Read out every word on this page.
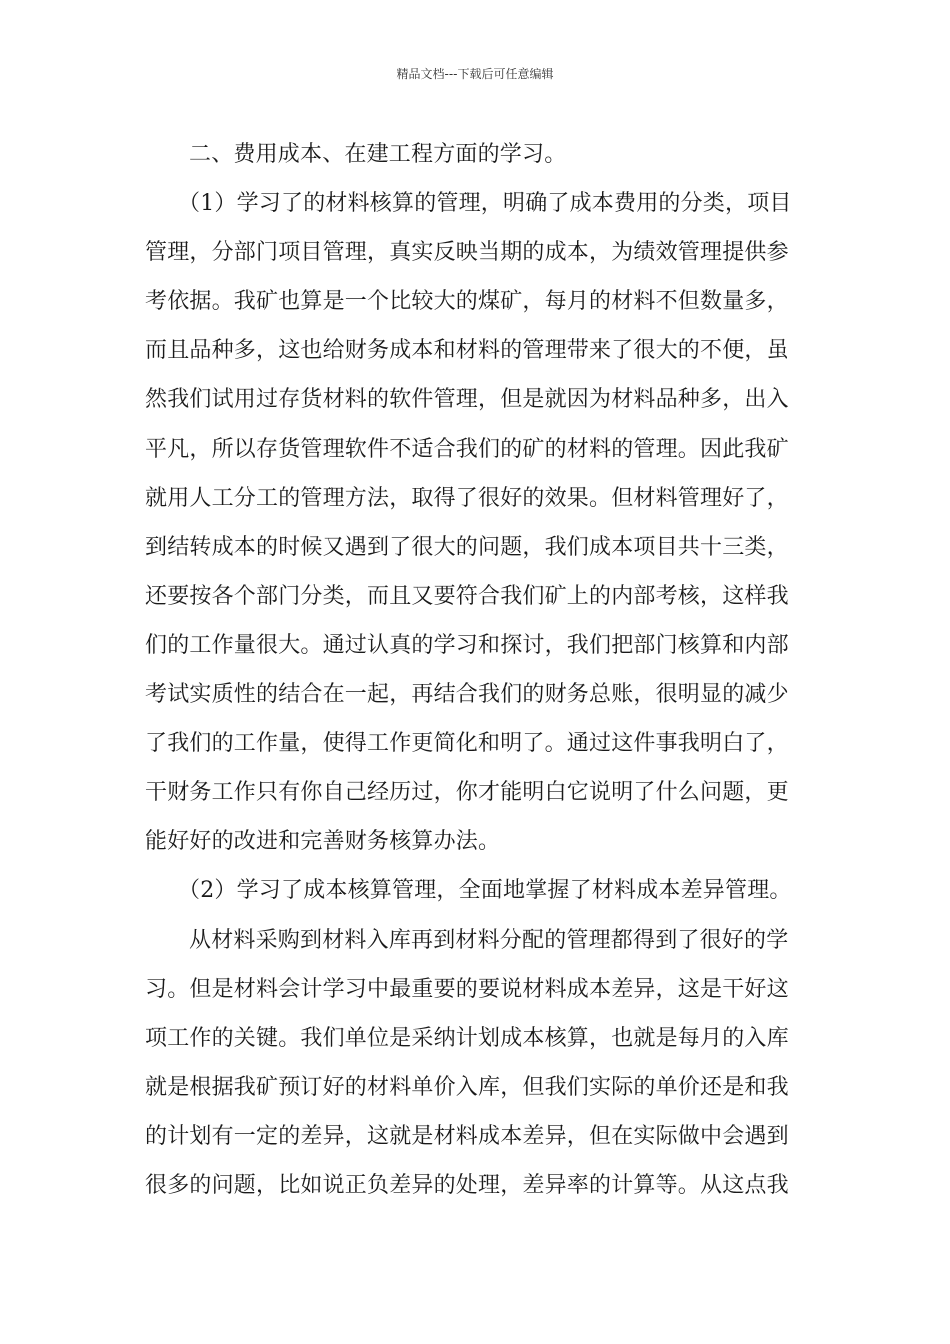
精品文档---下载后可任意编辑
二、费用成本、在建工程方面的学习。
（1）学习了的材料核算的管理，明确了成本费用的分类，项目
管理，分部门项目管理，真实反映当期的成本，为绩效管理提供参
考依据。我矿也算是一个比较大的煤矿，每月的材料不但数量多，
而且品种多，这也给财务成本和材料的管理带来了很大的不便，虽
然我们试用过存货材料的软件管理，但是就因为材料品种多，出入
平凡，所以存货管理软件不适合我们的矿的材料的管理。因此我矿
就用人工分工的管理方法，取得了很好的效果。但材料管理好了，
到结转成本的时候又遇到了很大的问题，我们成本项目共十三类，
还要按各个部门分类，而且又要符合我们矿上的内部考核，这样我
们的工作量很大。通过认真的学习和探讨，我们把部门核算和内部
考试实质性的结合在一起，再结合我们的财务总账，很明显的减少
了我们的工作量，使得工作更简化和明了。通过这件事我明白了，
干财务工作只有你自己经历过，你才能明白它说明了什么问题，更
能好好的改进和完善财务核算办法。
（2）学习了成本核算管理，全面地掌握了材料成本差异管理。
从材料采购到材料入库再到材料分配的管理都得到了很好的学
习。但是材料会计学习中最重要的要说材料成本差异，这是干好这
项工作的关键。我们单位是采纳计划成本核算，也就是每月的入库
就是根据我矿预订好的材料单价入库，但我们实际的单价还是和我
的计划有一定的差异，这就是材料成本差异，但在实际做中会遇到
很多的问题，比如说正负差异的处理，差异率的计算等。从这点我
